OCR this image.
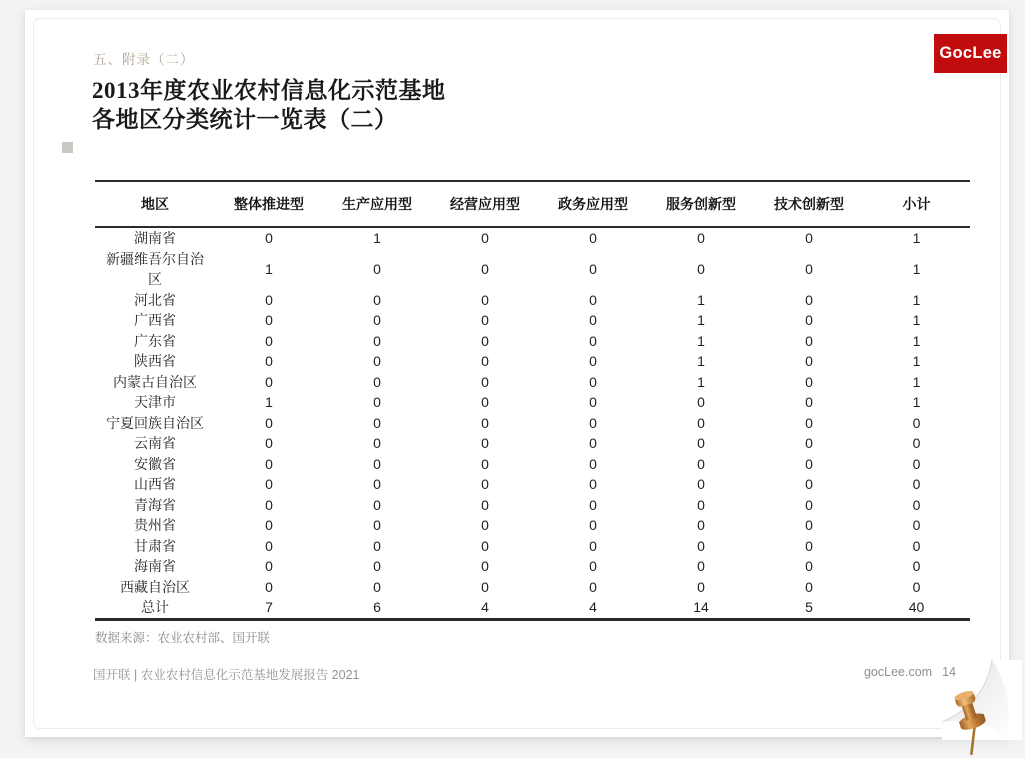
五、附录（二）
2013年度农业农村信息化示范基地
各地区分类统计一览表（二）
GocLee
地区	整体推进型	生产应用型	经营应用型	政务应用型	服务创新型	技术创新型	小计
湖南省	0	1	0	0	0	0	1
新疆维吾尔自治区	1	0	0	0	0	0	1
河北省	0	0	0	0	1	0	1
广西省	0	0	0	0	1	0	1
广东省	0	0	0	0	1	0	1
陕西省	0	0	0	0	1	0	1
内蒙古自治区	0	0	0	0	1	0	1
天津市	1	0	0	0	0	0	1
宁夏回族自治区	0	0	0	0	0	0	0
云南省	0	0	0	0	0	0	0
安徽省	0	0	0	0	0	0	0
山西省	0	0	0	0	0	0	0
青海省	0	0	0	0	0	0	0
贵州省	0	0	0	0	0	0	0
甘肃省	0	0	0	0	0	0	0
海南省	0	0	0	0	0	0	0
西藏自治区	0	0	0	0	0	0	0
总计	7	6	4	4	14	5	40
数据来源：农业农村部、国开联
国开联 | 农业农村信息化示范基地发展报告 2021	gocLee.com 14
